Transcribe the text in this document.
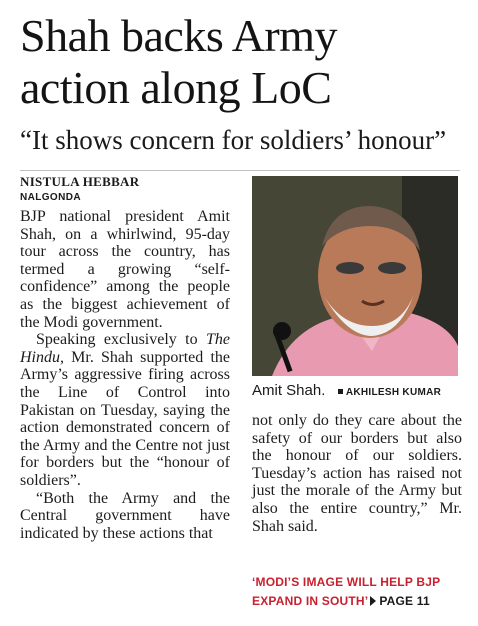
Shah backs Army
action along LoC
“It shows concern for soldiers’ honour”
NISTULA HEBBAR
NALGONDA

BJP national president Amit Shah, on a whirlwind, 95-day tour across the country, has termed a growing “self-confidence” among the people as the biggest achievement of the Modi government.

Speaking exclusively to The Hindu, Mr. Shah supported the Army’s aggressive firing across the Line of Control into Pakistan on Tuesday, saying the action demonstrated concern of the Army and the Centre not just for borders but the “honour of soldiers”.

“Both the Army and the Central government have indicated by these actions that

Amit Shah. AKHILESH KUMAR

not only do they care about the safety of our borders but also the honour of our soldiers. Tuesday’s action has raised not just the morale of the Army but also the entire country,” Mr. Shah said.

‘MODI’S IMAGE WILL HELP BJP
EXPAND IN SOUTH’ PAGE 11
